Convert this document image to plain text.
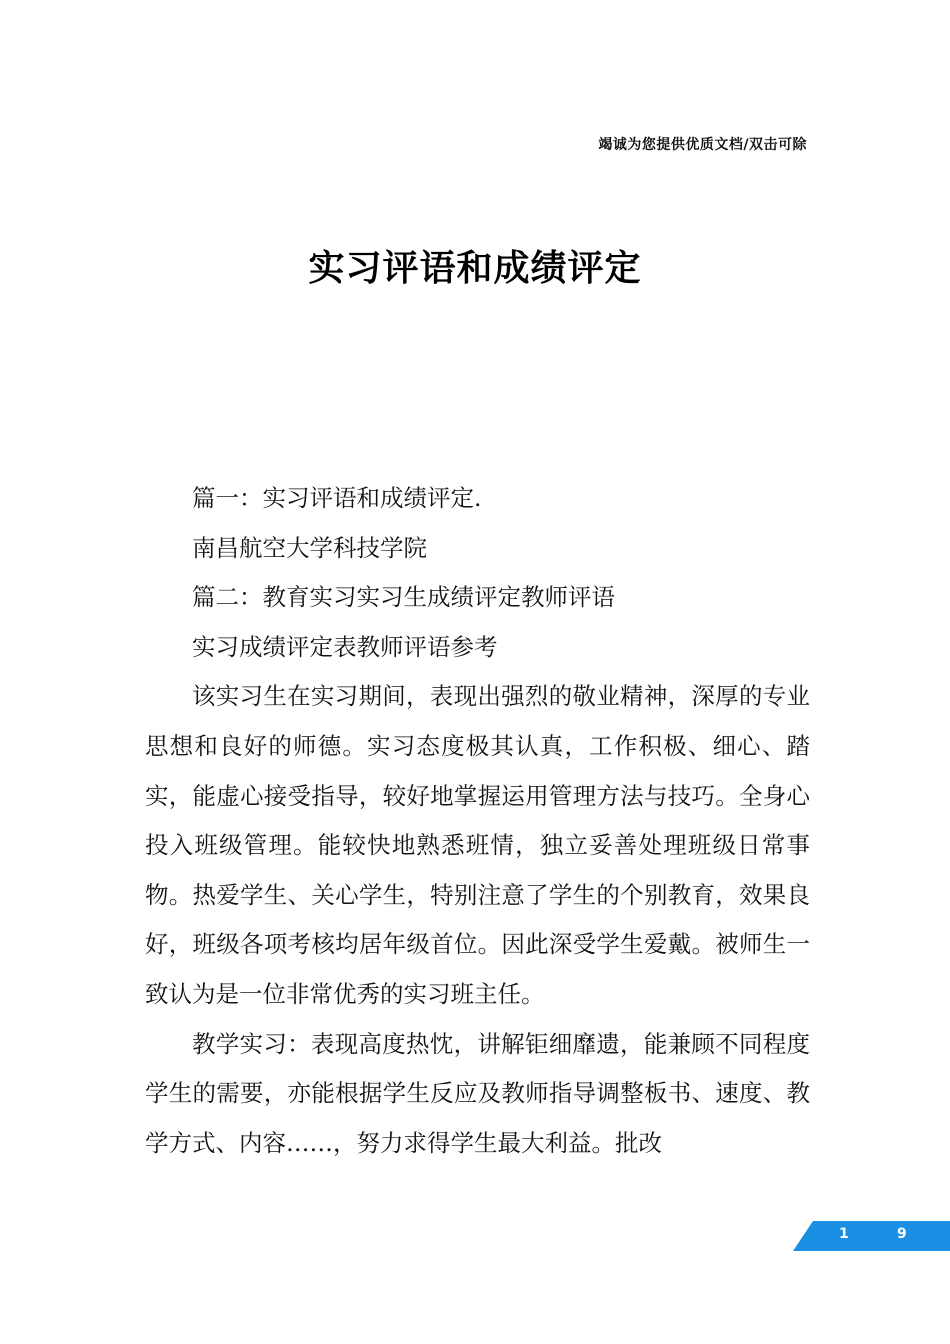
竭诚为您提供优质文档/双击可除
实习评语和成绩评定

篇一：实习评语和成绩评定.

南昌航空大学科技学院

篇二：教育实习实习生成绩评定教师评语

实习成绩评定表教师评语参考

该实习生在实习期间，表现出强烈的敬业精神，深厚的专业思想和良好的师德。实习态度极其认真，工作积极、细心、踏实，能虚心接受指导，较好地掌握运用管理方法与技巧。全身心投入班级管理。能较快地熟悉班情，独立妥善处理班级日常事物。热爱学生、关心学生，特别注意了学生的个别教育，效果良好，班级各项考核均居年级首位。因此深受学生爱戴。被师生一致认为是一位非常优秀的实习班主任。

教学实习：表现高度热忱，讲解钜细靡遗，能兼顾不同程度学生的需要，亦能根据学生反应及教师指导调整板书、速度、教学方式、内容……，努力求得学生最大利益。批改

1	9
